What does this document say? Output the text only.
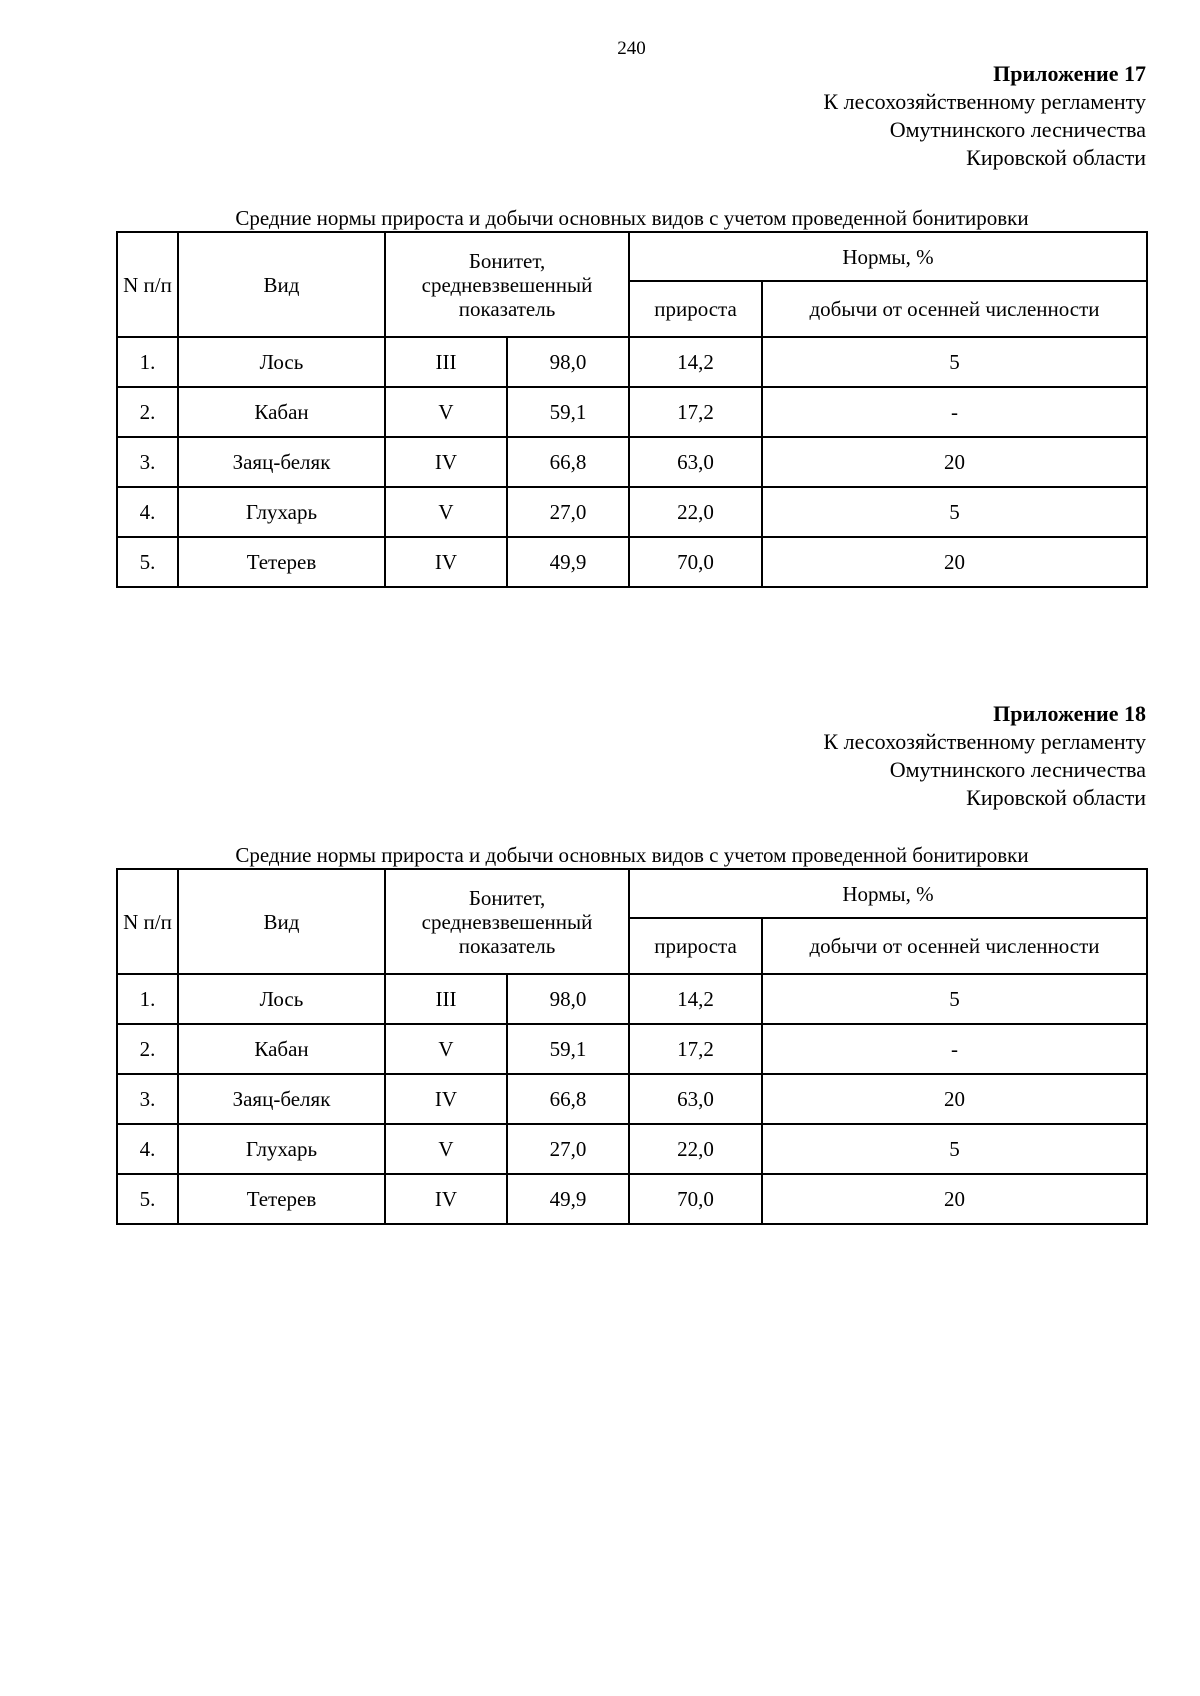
240
Приложение 17
К лесохозяйственному регламенту
Омутнинского лесничества
Кировской области
Средние нормы прироста и добычи основных видов с учетом проведенной бонитировки
N п/п	Вид	Бонитет, средневзвешенный показатель		Нормы, %	
				прироста	добычи от осенней численности
1.	Лось	III	98,0	14,2	5
2.	Кабан	V	59,1	17,2	-
3.	Заяц-беляк	IV	66,8	63,0	20
4.	Глухарь	V	27,0	22,0	5
5.	Тетерев	IV	49,9	70,0	20
Приложение 18
К лесохозяйственному регламенту
Омутнинского лесничества
Кировской области
Средние нормы прироста и добычи основных видов с учетом проведенной бонитировки
N п/п	Вид	Бонитет, средневзвешенный показатель		Нормы, %	
				прироста	добычи от осенней численности
1.	Лось	III	98,0	14,2	5
2.	Кабан	V	59,1	17,2	-
3.	Заяц-беляк	IV	66,8	63,0	20
4.	Глухарь	V	27,0	22,0	5
5.	Тетерев	IV	49,9	70,0	20
